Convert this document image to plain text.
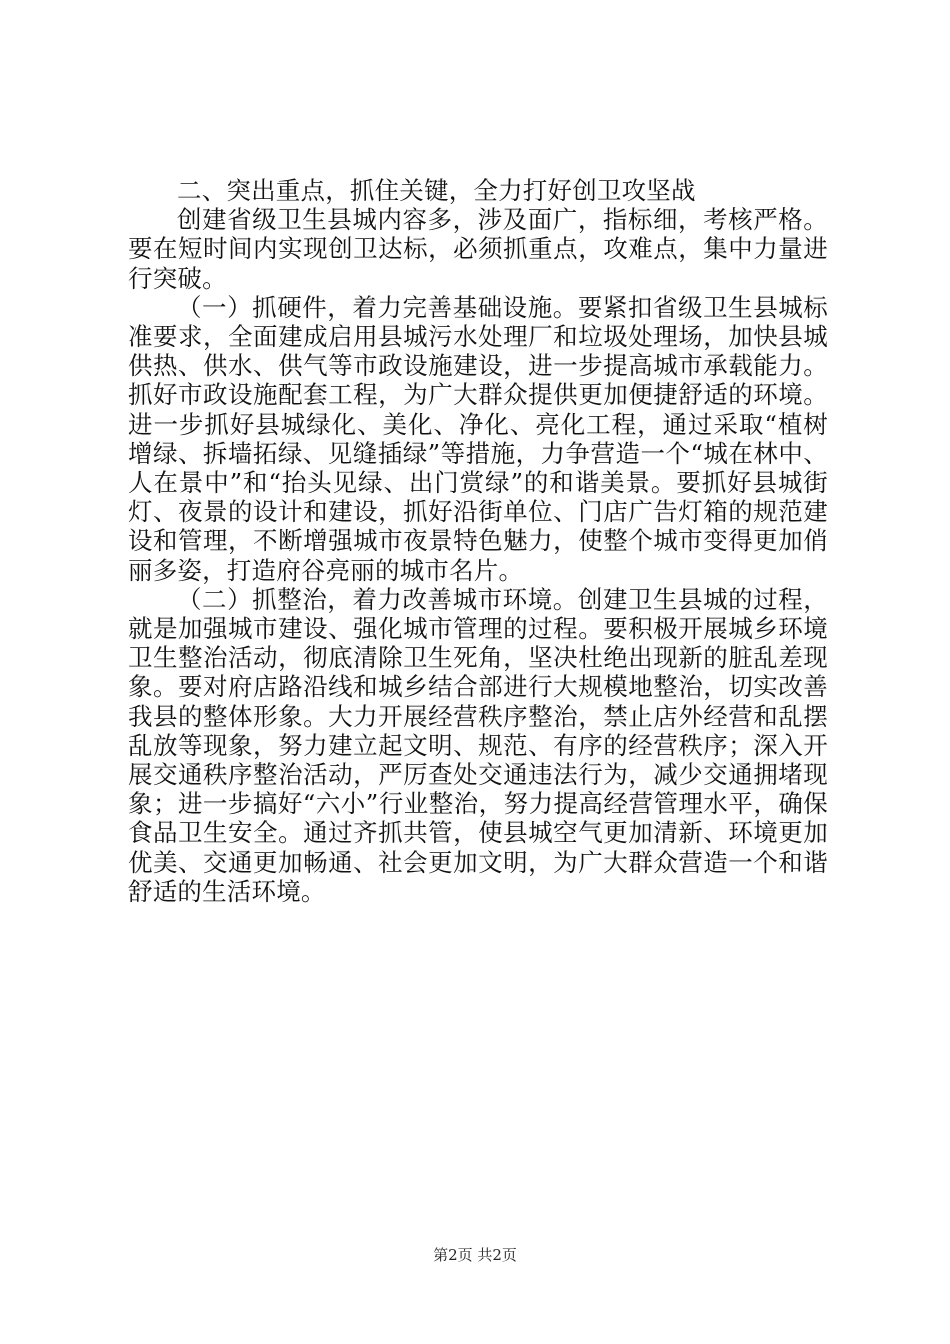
二、突出重点，抓住关键，全力打好创卫攻坚战

创建省级卫生县城内容多，涉及面广，指标细，考核严格。要在短时间内实现创卫达标，必须抓重点，攻难点，集中力量进行突破。

（一）抓硬件，着力完善基础设施。要紧扣省级卫生县城标准要求，全面建成启用县城污水处理厂和垃圾处理场，加快县城供热、供水、供气等市政设施建设，进一步提高城市承载能力。抓好市政设施配套工程，为广大群众提供更加便捷舒适的环境。进一步抓好县城绿化、美化、净化、亮化工程，通过采取“植树增绿、拆墙拓绿、见缝插绿”等措施，力争营造一个“城在林中、人在景中”和“抬头见绿、出门赏绿”的和谐美景。要抓好县城街灯、夜景的设计和建设，抓好沿街单位、门店广告灯箱的规范建设和管理，不断增强城市夜景特色魅力，使整个城市变得更加俏丽多姿，打造府谷亮丽的城市名片。

（二）抓整治，着力改善城市环境。创建卫生县城的过程，就是加强城市建设、强化城市管理的过程。要积极开展城乡环境卫生整治活动，彻底清除卫生死角，坚决杜绝出现新的脏乱差现象。要对府店路沿线和城乡结合部进行大规模地整治，切实改善我县的整体形象。大力开展经营秩序整治，禁止店外经营和乱摆乱放等现象，努力建立起文明、规范、有序的经营秩序；深入开展交通秩序整治活动，严厉查处交通违法行为，减少交通拥堵现象；进一步搞好“六小”行业整治，努力提高经营管理水平，确保食品卫生安全。通过齐抓共管，使县城空气更加清新、环境更加优美、交通更加畅通、社会更加文明，为广大群众营造一个和谐舒适的生活环境。

第2页 共2页
